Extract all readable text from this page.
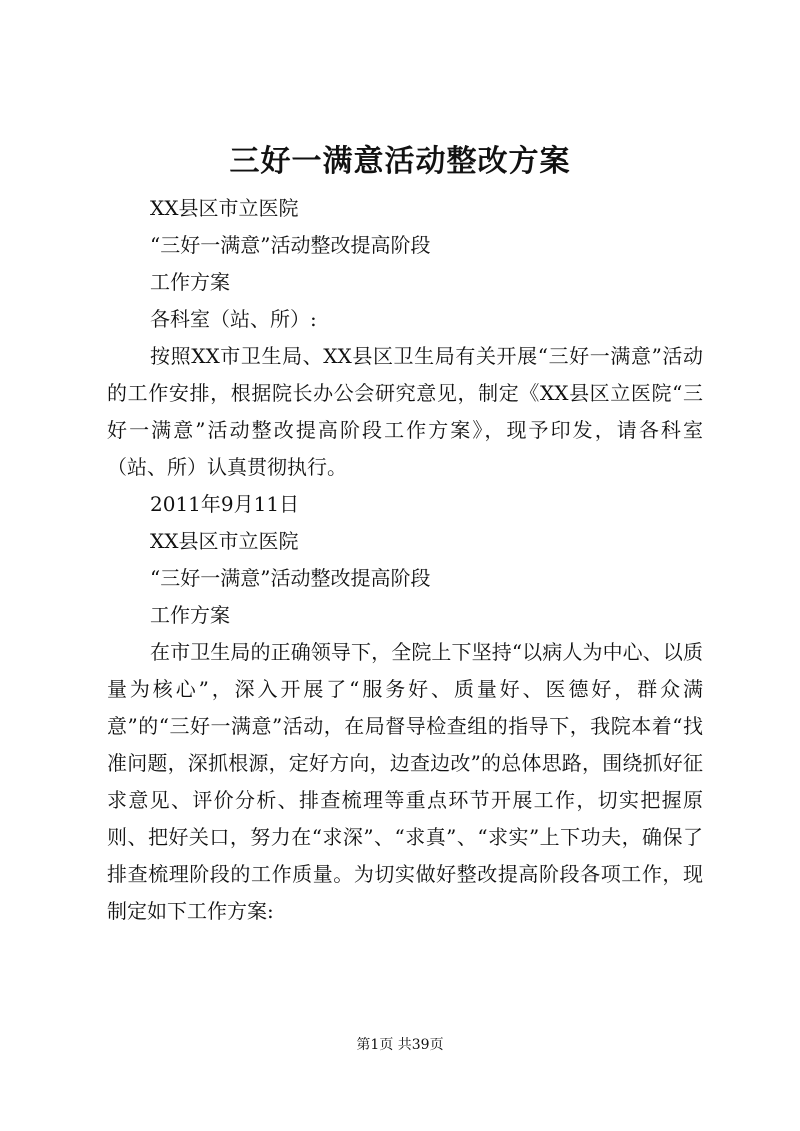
三好一满意活动整改方案

XX县区市立医院

“三好一满意”活动整改提高阶段

工作方案

各科室（站、所）:

按照XX市卫生局、XX县区卫生局有关开展“三好一满意”活动的工作安排，根据院长办公会研究意见，制定《XX县区立医院“三好一满意”活动整改提高阶段工作方案》，现予印发，请各科室（站、所）认真贯彻执行。

2011年9月11日

XX县区市立医院

“三好一满意”活动整改提高阶段

工作方案

在市卫生局的正确领导下，全院上下坚持“以病人为中心、以质量为核心”，深入开展了“服务好、质量好、医德好，群众满意”的“三好一满意”活动，在局督导检查组的指导下，我院本着“找准问题，深抓根源，定好方向，边查边改”的总体思路，围绕抓好征求意见、评价分析、排查梳理等重点环节开展工作，切实把握原则、把好关口，努力在“求深”、“求真”、“求实”上下功夫，确保了排查梳理阶段的工作质量。为切实做好整改提高阶段各项工作，现制定如下工作方案:

第1页 共39页
